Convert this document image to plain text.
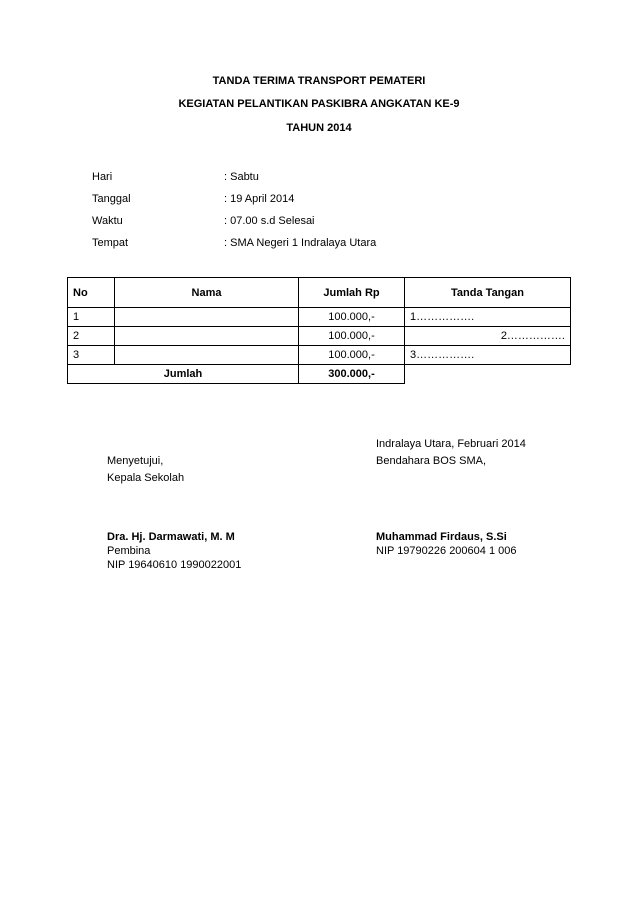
TANDA TERIMA TRANSPORT PEMATERI
KEGIATAN PELANTIKAN PASKIBRA ANGKATAN KE-9
TAHUN 2014
Hari	: Sabtu
Tanggal	: 19 April 2014
Waktu	: 07.00 s.d Selesai
Tempat	: SMA Negeri 1 Indralaya Utara
No	Nama	Jumlah Rp	Tanda Tangan
1		100.000,-	1…………….
2		100.000,-	2…………….
3		100.000,-	3…………….
Jumlah		300.000,-	
Indralaya Utara, Februari 2014
Menyetujui,	Bendahara BOS SMA,
Kepala Sekolah
Dra. Hj. Darmawati, M. M	Muhammad Firdaus, S.Si
Pembina	NIP 19790226 200604 1 006
NIP 19640610 1990022001
